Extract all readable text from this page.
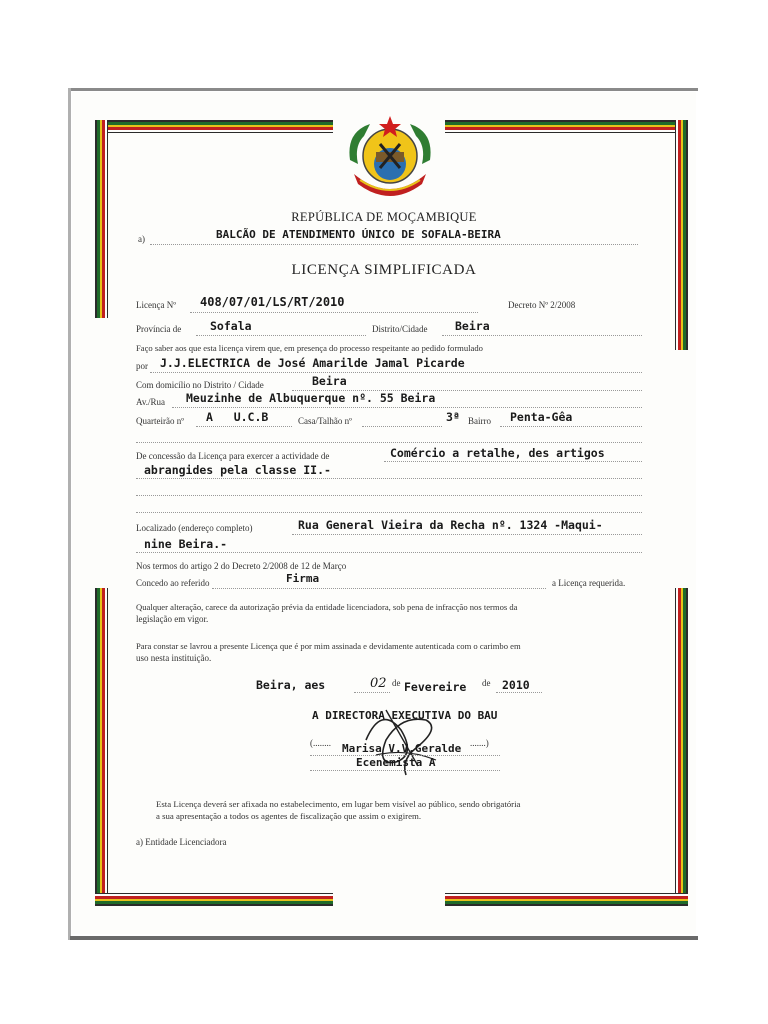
REPÚBLICA DE MOÇAMBIQUE
a)	BALCÃO DE ATENDIMENTO ÚNICO DE SOFALA-BEIRA
LICENÇA SIMPLIFICADA
Licença Nº 408/07/01/LS/RT/2010	Decreto Nº 2/2008
Província de	Sofala	Distrito/Cidade Beira
Faço saber aos que esta licença virem que, em presença do processo respeitante ao pedido formulado
por J.J.ELECTRICA de José Amarilde Jamal Picarde
Com domicílio no Distrito / Cidade	Beira
Av./Rua Meuzinhe de Albuquerque nº. 55 Beira
Quarteirão nº A   U.C.B	Casa/Talhão nº	3ª Bairro Penta-Gêa
De concessão da Licença para exercer a actividade de	Comércio a retalhe, des artigos
abrangides pela classe II.-
Localizado (endereço completo)	Rua General Vieira da Recha nº. 1324 -Maqui-
nine Beira.-
Nos termos do artigo 2 do Decreto 2/2008 de 12 de Março
Concedo ao referido	Firma	a Licença requerida.
Qualquer alteração, carece da autorização prévia da entidade licenciadora, sob pena de infracção nos termos da
legislação em vigor.
Para constar se lavrou a presente Licença que é por mim assinada e devidamente autenticada com o carimbo em
uso nesta instituição.
Beira, aes	02 de Fevereire de 2010
A DIRECTORA EXECUTIVA DO BAU
(........	.......)
Marisa V.V.Geralde
Ecenemista A
Esta Licença deverá ser afixada no estabelecimento, em lugar bem visível ao público, sendo obrigatória
a sua apresentação a todos os agentes de fiscalização que assim o exigirem.
a) Entidade Licenciadora
